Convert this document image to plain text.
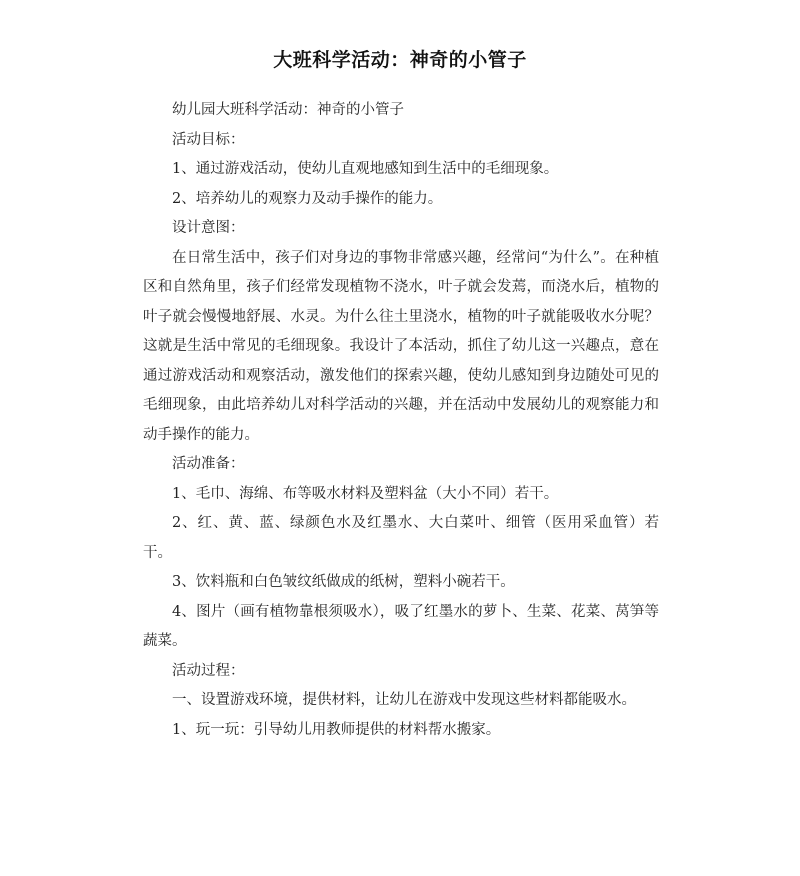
大班科学活动：神奇的小管子

幼儿园大班科学活动：神奇的小管子

活动目标：

1、通过游戏活动，使幼儿直观地感知到生活中的毛细现象。

2、培养幼儿的观察力及动手操作的能力。

设计意图：

在日常生活中，孩子们对身边的事物非常感兴趣，经常问“为什么”。在种植区和自然角里，孩子们经常发现植物不浇水，叶子就会发蔫，而浇水后，植物的叶子就会慢慢地舒展、水灵。为什么往土里浇水，植物的叶子就能吸收水分呢？这就是生活中常见的毛细现象。我设计了本活动，抓住了幼儿这一兴趣点，意在通过游戏活动和观察活动，激发他们的探索兴趣，使幼儿感知到身边随处可见的毛细现象，由此培养幼儿对科学活动的兴趣，并在活动中发展幼儿的观察能力和动手操作的能力。

活动准备：

1、毛巾、海绵、布等吸水材料及塑料盆（大小不同）若干。

2、红、黄、蓝、绿颜色水及红墨水、大白菜叶、细管（医用采血管）若干。

3、饮料瓶和白色皱纹纸做成的纸树，塑料小碗若干。

4、图片（画有植物靠根须吸水），吸了红墨水的萝卜、生菜、花菜、莴笋等蔬菜。

活动过程：

一、设置游戏环境，提供材料，让幼儿在游戏中发现这些材料都能吸水。

1、玩一玩：引导幼儿用教师提供的材料帮水搬家。
